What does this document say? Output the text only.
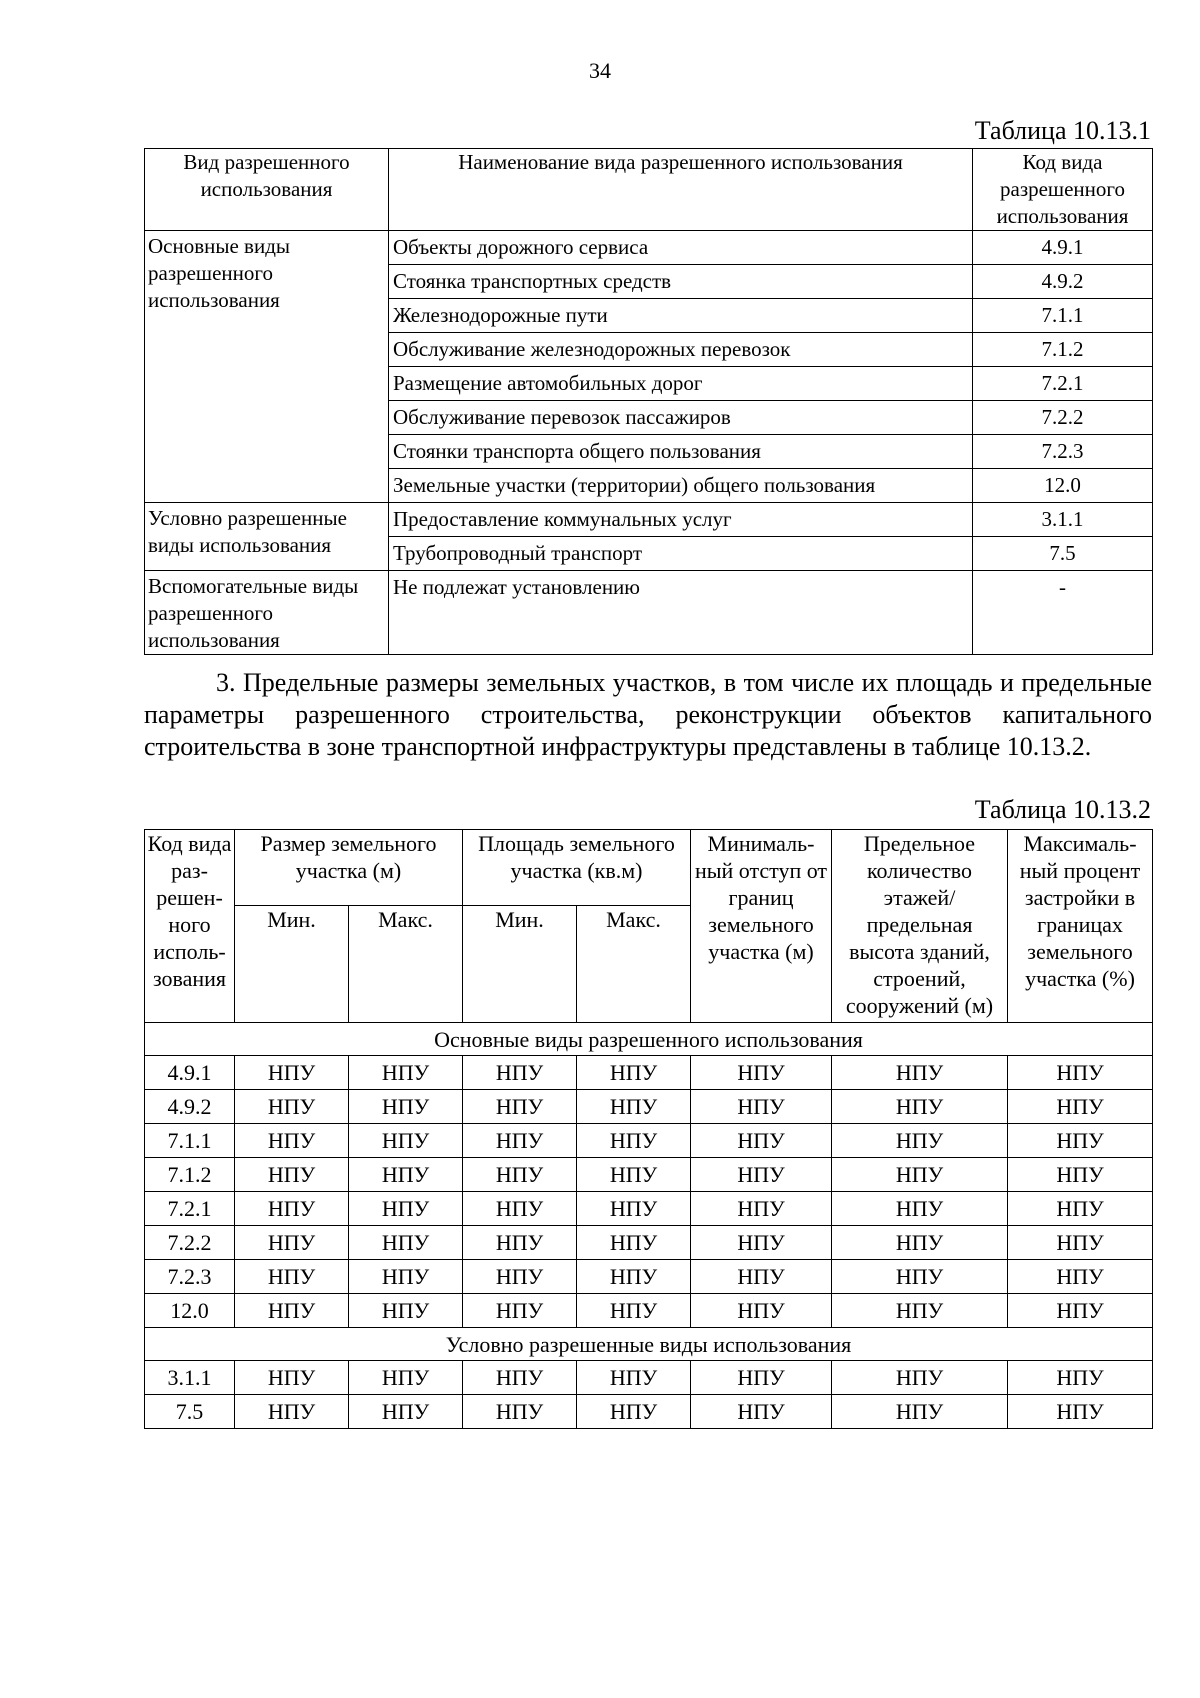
34
Таблица 10.13.1
Вид разрешенного использования	Наименование вида разрешенного использования	Код вида разрешенного использования
Основные виды разрешенного использования	Объекты дорожного сервиса	4.9.1
	Стоянка транспортных средств	4.9.2
	Железнодорожные пути	7.1.1
	Обслуживание железнодорожных перевозок	7.1.2
	Размещение автомобильных дорог	7.2.1
	Обслуживание перевозок пассажиров	7.2.2
	Стоянки транспорта общего пользования	7.2.3
	Земельные участки (территории) общего пользования	12.0
Условно разрешенные виды использования	Предоставление коммунальных услуг	3.1.1
	Трубопроводный транспорт	7.5
Вспомогательные виды разрешенного использования	Не подлежат установлению	-

3. Предельные размеры земельных участков, в том числе их площадь и предельные параметры разрешенного строительства, реконструкции объектов капитального строительства в зоне транспортной инфраструктуры представлены в таблице 10.13.2.

Таблица 10.13.2
Код вида раз-решен-ного исполь-зования	Размер земельного участка (м)		Площадь земельного участка (кв.м)		Минималь-ный отступ от границ земельного участка (м)	Предельное количество этажей/ предельная высота зданий, строений, сооружений (м)	Максималь-ный процент застройки в границах земельного участка (%)
	Мин.	Макс.	Мин.	Макс.			
Основные виды разрешенного использования							
4.9.1	НПУ	НПУ	НПУ	НПУ	НПУ	НПУ	НПУ
4.9.2	НПУ	НПУ	НПУ	НПУ	НПУ	НПУ	НПУ
7.1.1	НПУ	НПУ	НПУ	НПУ	НПУ	НПУ	НПУ
7.1.2	НПУ	НПУ	НПУ	НПУ	НПУ	НПУ	НПУ
7.2.1	НПУ	НПУ	НПУ	НПУ	НПУ	НПУ	НПУ
7.2.2	НПУ	НПУ	НПУ	НПУ	НПУ	НПУ	НПУ
7.2.3	НПУ	НПУ	НПУ	НПУ	НПУ	НПУ	НПУ
12.0	НПУ	НПУ	НПУ	НПУ	НПУ	НПУ	НПУ
Условно разрешенные виды использования							
3.1.1	НПУ	НПУ	НПУ	НПУ	НПУ	НПУ	НПУ
7.5	НПУ	НПУ	НПУ	НПУ	НПУ	НПУ	НПУ
